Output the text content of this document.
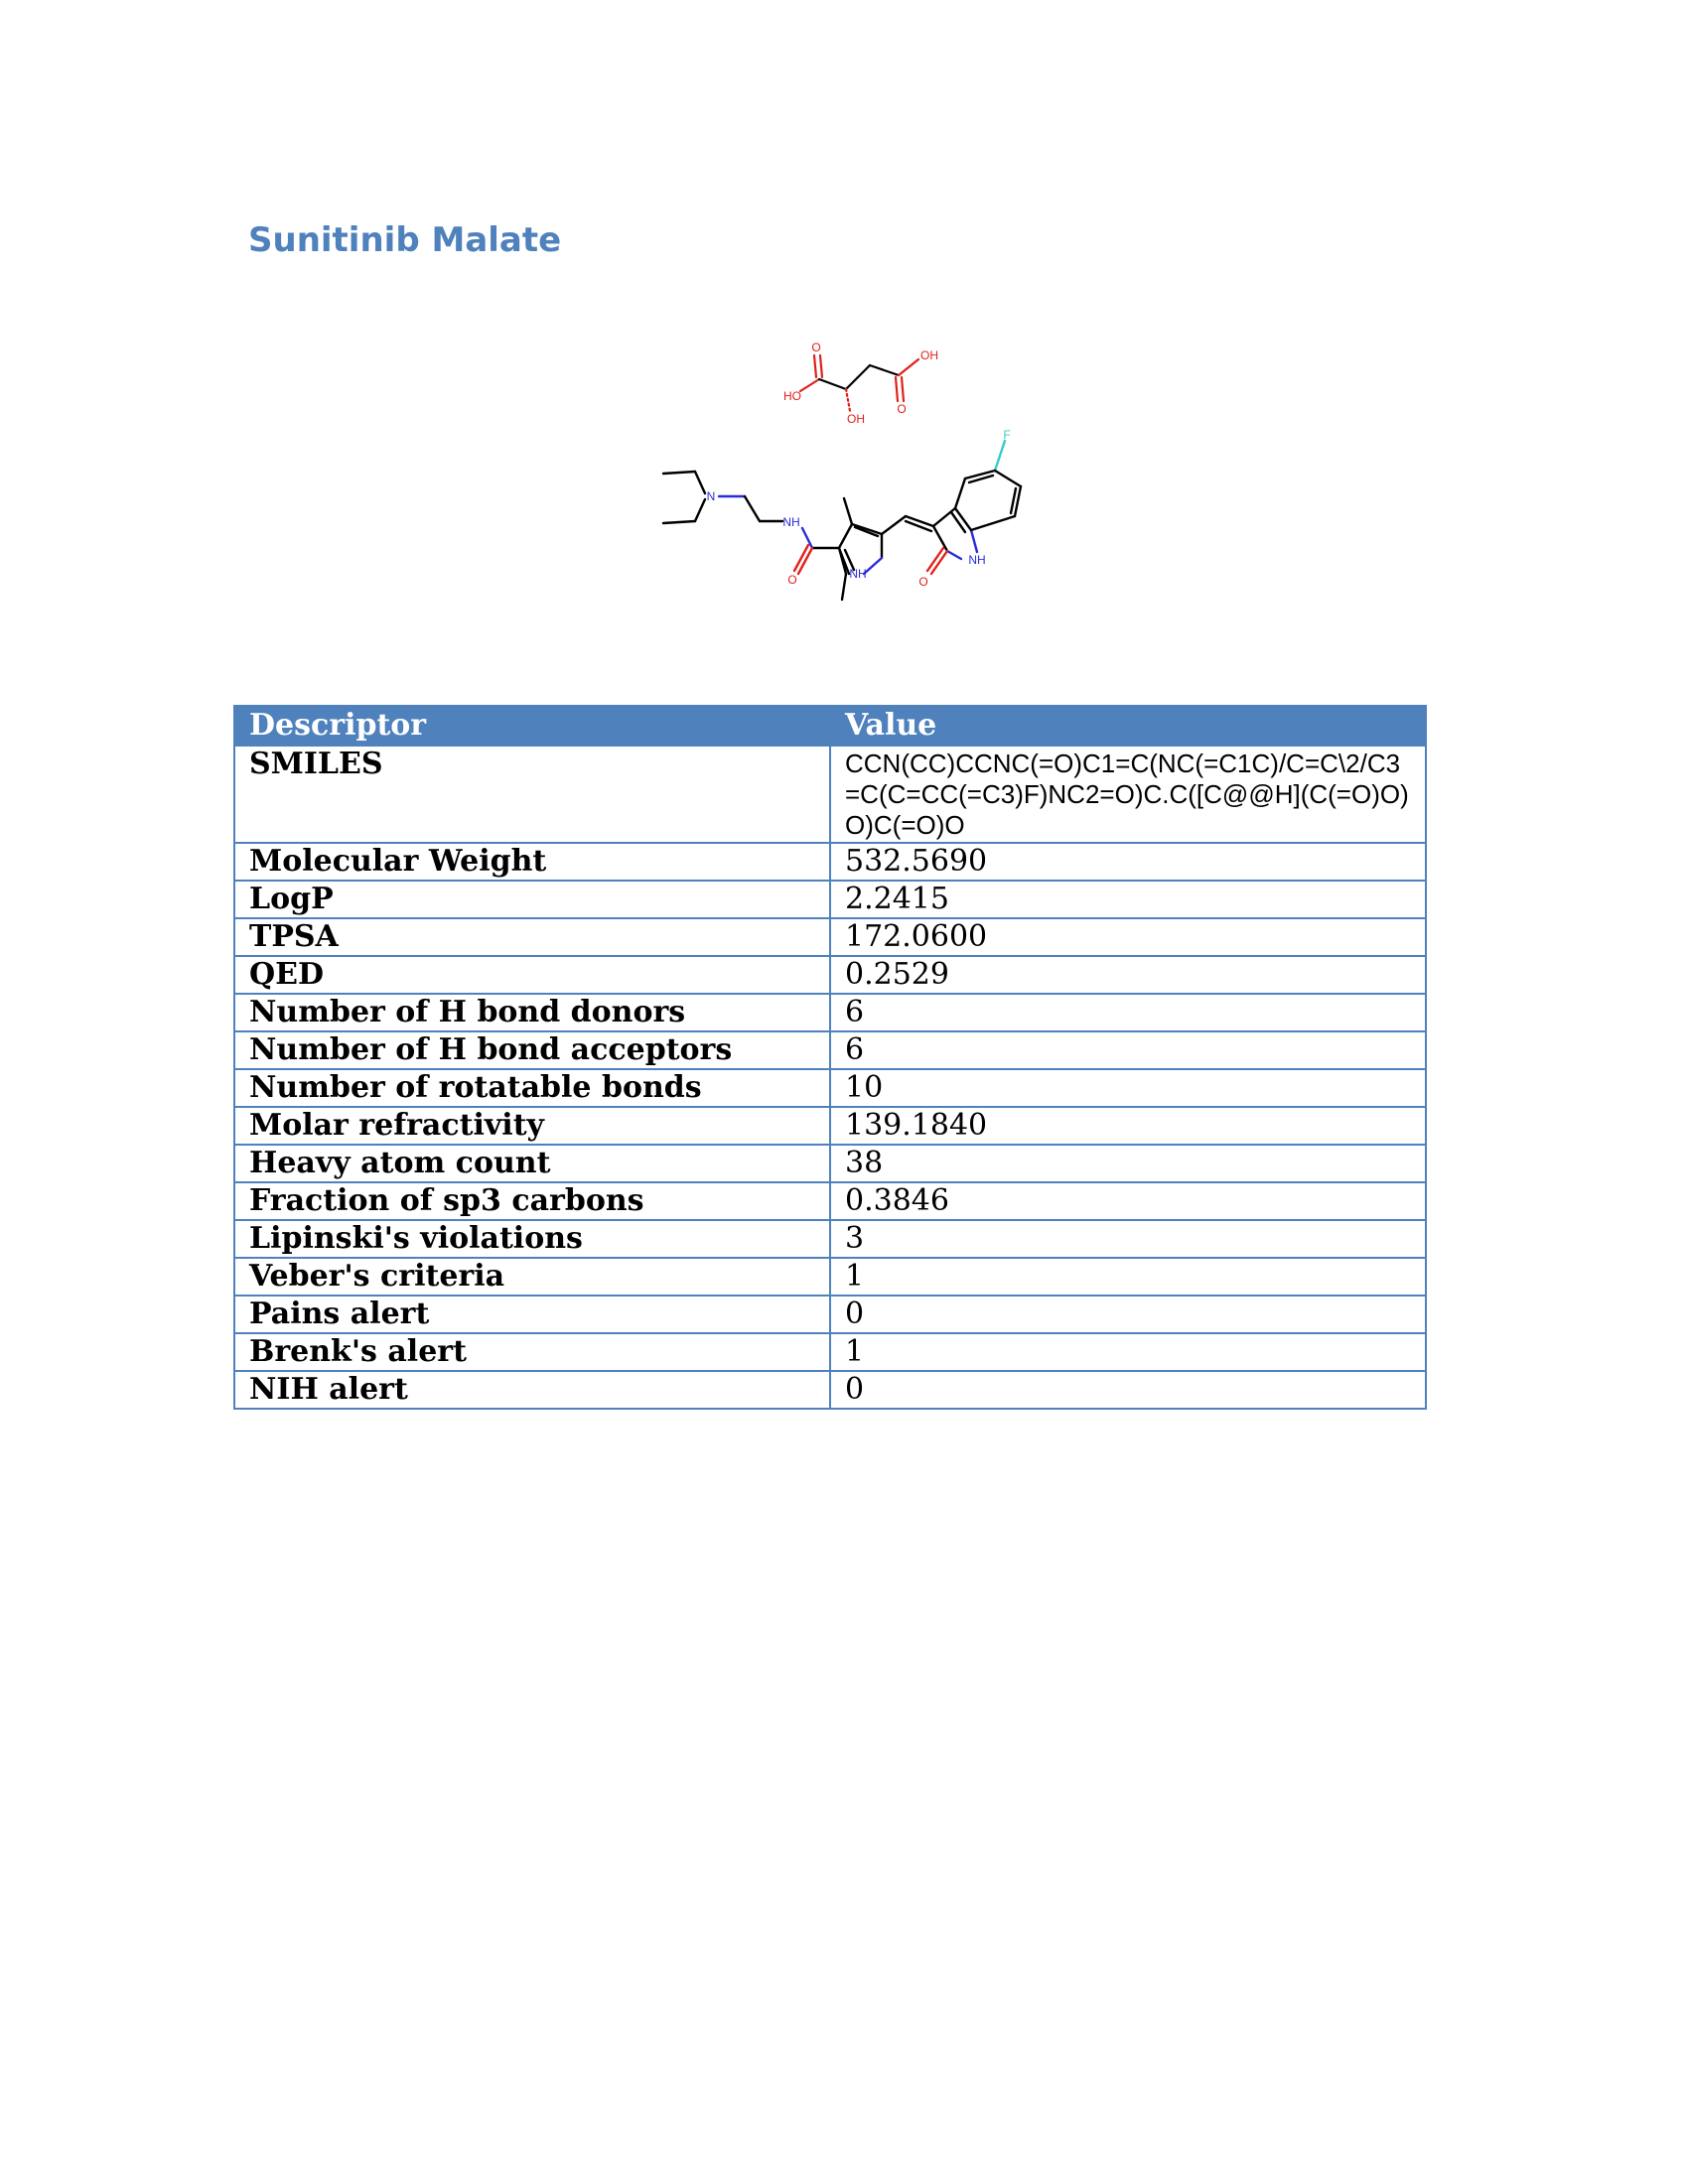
Sunitinib Malate
O
HO
OH
OH
O
F
N
NH
O	NH
O
NH
Descriptor	Value
SMILES	CCN(CC)CCNC(=O)C1=C(NC(=C1C)/C=C\2/C3=C(C=CC(=C3)F)NC2=O)C.C([C@@H](C(=O)O)O)C(=O)O
Molecular Weight	532.5690
LogP	2.2415
TPSA	172.0600
QED	0.2529
Number of H bond donors	6
Number of H bond acceptors	6
Number of rotatable bonds	10
Molar refractivity	139.1840
Heavy atom count	38
Fraction of sp3 carbons	0.3846
Lipinski's violations	3
Veber's criteria	1
Pains alert	0
Brenk's alert	1
NIH alert	0
